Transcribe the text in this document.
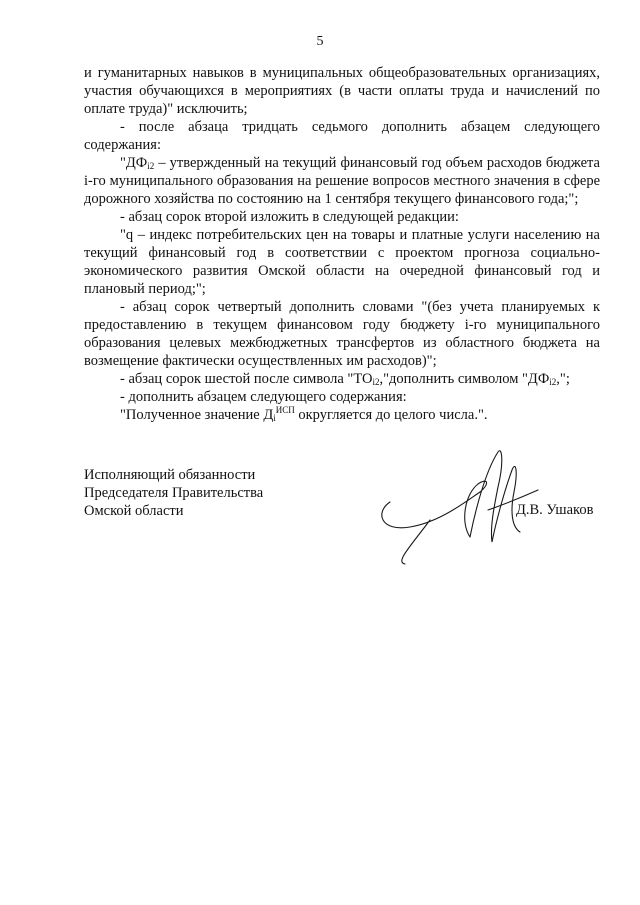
5

и гуманитарных навыков в муниципальных общеобразовательных организациях, участия обучающихся в мероприятиях (в части оплаты труда и начислений по оплате труда)" исключить;

- после абзаца тридцать седьмого дополнить абзацем следующего содержания:

"$ДФ_{i2}$ – утвержденный на текущий финансовый год объем расходов бюджета i-го муниципального образования на решение вопросов местного значения в сфере дорожного хозяйства по состоянию на 1 сентября текущего финансового года;";

- абзац сорок второй изложить в следующей редакции:

"q – индекс потребительских цен на товары и платные услуги населению на текущий финансовый год в соответствии с проектом прогноза социально-экономического развития Омской области на очередной финансовый год и плановый период;";

- абзац сорок четвертый дополнить словами "(без учета планируемых к предоставлению в текущем финансовом году бюджету i-го муниципального образования целевых межбюджетных трансфертов из областного бюджета на возмещение фактически осуществленных им расходов)";

- абзац сорок шестой после символа "$ТО_{i2},"дополнить$ символом "$ДФ_{i2}$,";

- дополнить абзацем следующего содержания:

"Полученное значение $Д_i^{ИСП}$ округляется до целого числа.".

Исполняющий обязанности
Председателя Правительства
Омской области	Д.В. Ушаков
